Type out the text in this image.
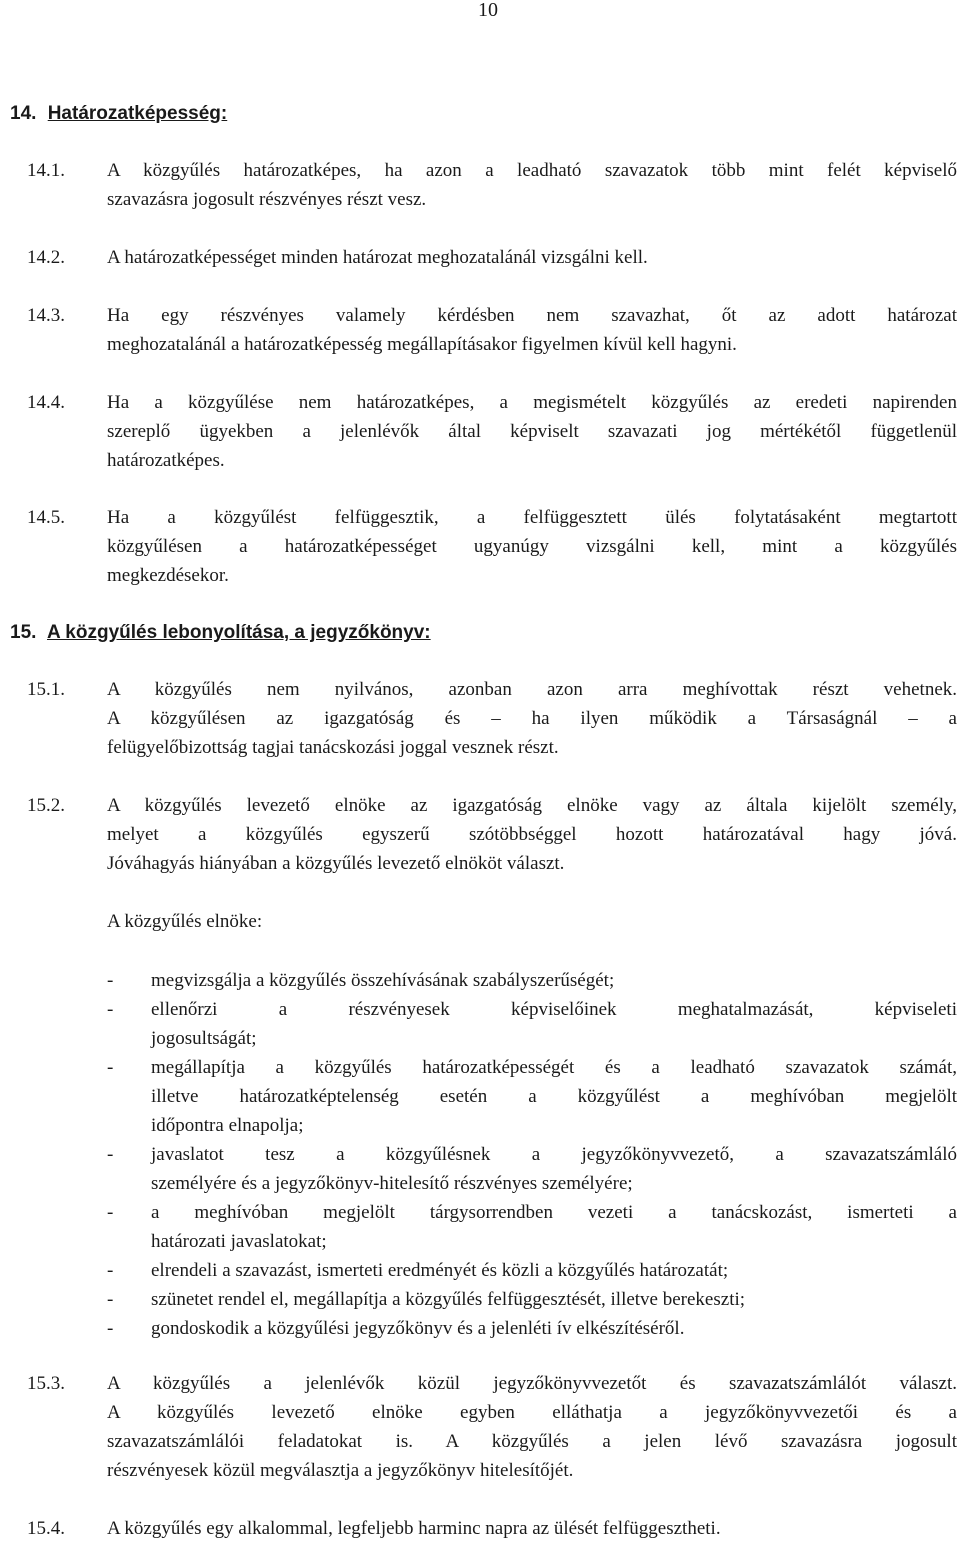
10
14. Határozatképesség:
14.1. A közgyűlés határozatképes, ha azon a leadható szavazatok több mint felét képviselő
szavazásra jogosult részvényes részt vesz.
14.2. A határozatképességet minden határozat meghozatalánál vizsgálni kell.
14.3. Ha egy részvényes valamely kérdésben nem szavazhat, őt az adott határozat
meghozatalánál a határozatképesség megállapításakor figyelmen kívül kell hagyni.
14.4. Ha a közgyűlése nem határozatképes, a megismételt közgyűlés az eredeti napirenden
szereplő ügyekben a jelenlévők által képviselt szavazati jog mértékétől függetlenül
határozatképes.
14.5. Ha a közgyűlést felfüggesztik, a felfüggesztett ülés folytatásaként megtartott
közgyűlésen a határozatképességet ugyanúgy vizsgálni kell, mint a közgyűlés
megkezdésekor.
15. A közgyűlés lebonyolítása, a jegyzőkönyv:
15.1. A közgyűlés nem nyilvános, azonban azon arra meghívottak részt vehetnek.
A közgyűlésen az igazgatóság és – ha ilyen működik a Társaságnál – a
felügyelőbizottság tagjai tanácskozási joggal vesznek részt.
15.2. A közgyűlés levezető elnöke az igazgatóság elnöke vagy az általa kijelölt személy,
melyet a közgyűlés egyszerű szótöbbséggel hozott határozatával hagy jóvá.
Jóváhagyás hiányában a közgyűlés levezető elnököt választ.
A közgyűlés elnöke:
- megvizsgálja a közgyűlés összehívásának szabályszerűségét;
- ellenőrzi a részvényesek képviselőinek meghatalmazását, képviseleti
jogosultságát;
- megállapítja a közgyűlés határozatképességét és a leadható szavazatok számát,
illetve határozatképtelenség esetén a közgyűlést a meghívóban megjelölt
időpontra elnapolja;
- javaslatot tesz a közgyűlésnek a jegyzőkönyvvezető, a szavazatszámláló
személyére és a jegyzőkönyv-hitelesítő részvényes személyére;
- a meghívóban megjelölt tárgysorrendben vezeti a tanácskozást, ismerteti a
határozati javaslatokat;
- elrendeli a szavazást, ismerteti eredményét és közli a közgyűlés határozatát;
- szünetet rendel el, megállapítja a közgyűlés felfüggesztését, illetve berekeszti;
- gondoskodik a közgyűlési jegyzőkönyv és a jelenléti ív elkészítéséről.
15.3. A közgyűlés a jelenlévők közül jegyzőkönyvvezetőt és szavazatszámlálót választ.
A közgyűlés levezető elnöke egyben elláthatja a jegyzőkönyvvezetői és a
szavazatszámlálói feladatokat is. A közgyűlés a jelen lévő szavazásra jogosult
részvényesek közül megválasztja a jegyzőkönyv hitelesítőjét.
15.4. A közgyűlés egy alkalommal, legfeljebb harminc napra az ülését felfüggesztheti.
